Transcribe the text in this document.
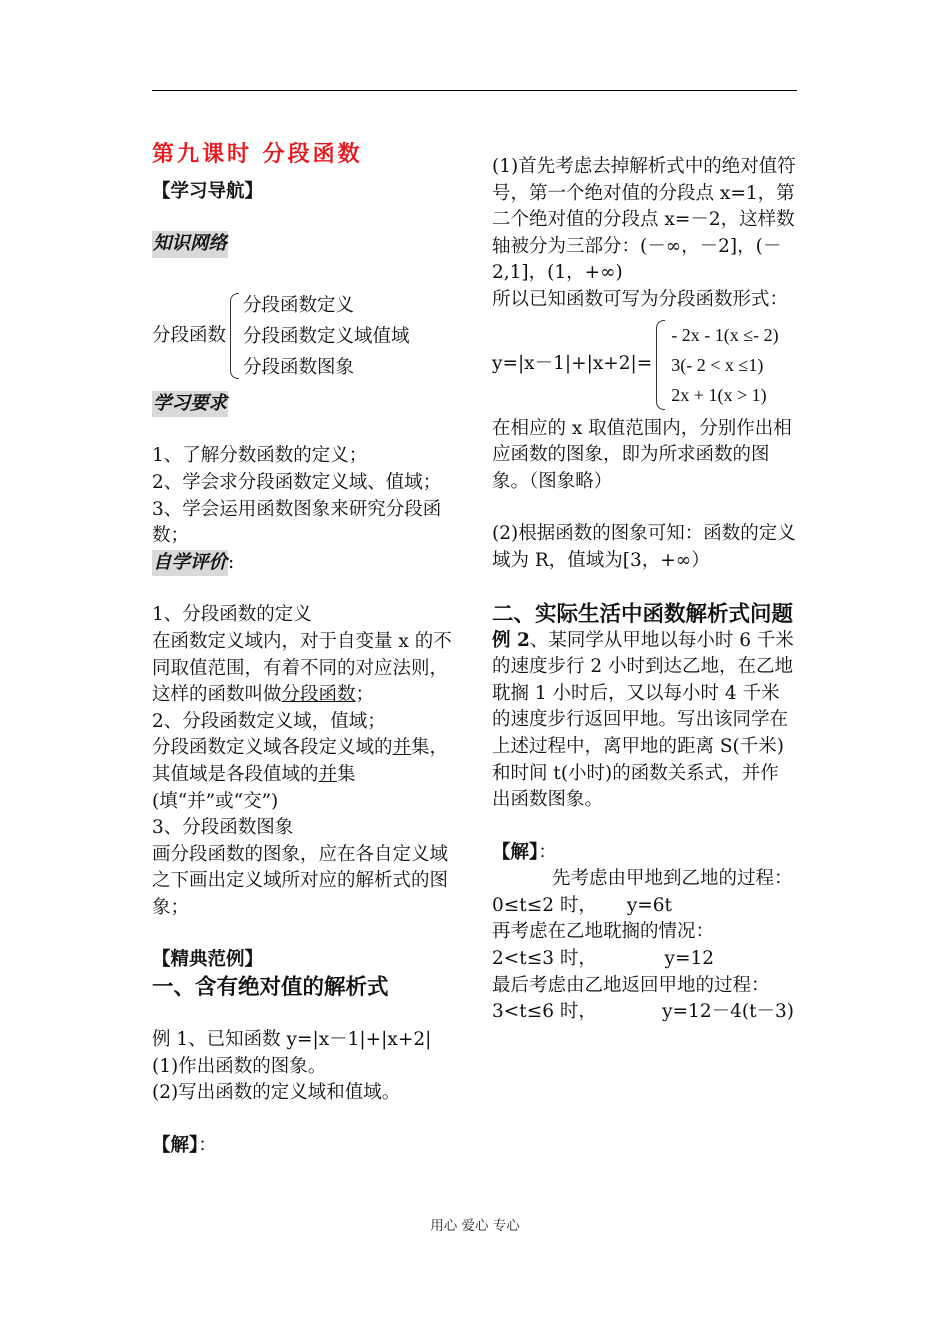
第九课时 分段函数
【学习导航】
知识网络
分段函数
分段函数定义
分段函数定义域值域
分段函数图象
学习要求
1、了解分数函数的定义；
2、学会求分段函数定义域、值域；
3、学会运用函数图象来研究分段函数；
自学评价:
1、分段函数的定义
在函数定义域内，对于自变量 x 的不同取值范围，有着不同的对应法则，这样的函数叫做分段函数；
2、分段函数定义域，值域；
分段函数定义域各段定义域的并集，其值域是各段值域的并集(填“并”或“交”)
3、分段函数图象
画分段函数的图象，应在各自定义域之下画出定义域所对应的解析式的图象；
【精典范例】
一、含有绝对值的解析式
例 1、已知函数 y=|x－1|+|x+2|
(1)作出函数的图象。
(2)写出函数的定义域和值域。
【解】：
(1)首先考虑去掉解析式中的绝对值符号，第一个绝对值的分段点 x=1，第二个绝对值的分段点 x=－2，这样数轴被分为三部分：(－∞，－2]，(－2,1]，(1，+∞)
所以已知函数可写为分段函数形式：
y=|x－1|+|x+2|=
- 2x - 1(x ≤- 2)
3(- 2 < x ≤1)
2x + 1(x > 1)
在相应的 x 取值范围内，分别作出相应函数的图象，即为所求函数的图象。（图象略）
(2)根据函数的图象可知：函数的定义域为 R，值域为[3，+∞）
二、实际生活中函数解析式问题
例 2、某同学从甲地以每小时 6 千米的速度步行 2 小时到达乙地，在乙地耽搁 1 小时后，又以每小时 4 千米的速度步行返回甲地。写出该同学在上述过程中，离甲地的距离 S(千米)和时间 t(小时)的函数关系式，并作出函数图象。
【解】：
先考虑由甲地到乙地的过程：
0≤t≤2 时， y=6t
再考虑在乙地耽搁的情况：
2<t≤3 时，	y=12
最后考虑由乙地返回甲地的过程：
3<t≤6 时，	y=12－4(t－3)
用心 爱心 专心
